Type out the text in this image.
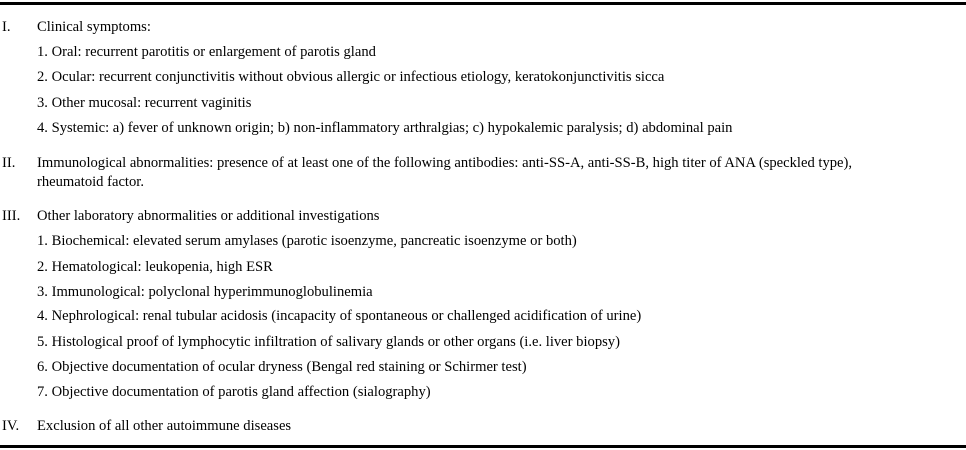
I. Clinical symptoms:
1. Oral: recurrent parotitis or enlargement of parotis gland
2. Ocular: recurrent conjunctivitis without obvious allergic or infectious etiology, keratokonjunctivitis sicca
3. Other mucosal: recurrent vaginitis
4. Systemic: a) fever of unknown origin; b) non-inflammatory arthralgias; c) hypokalemic paralysis; d) abdominal pain
II. Immunological abnormalities: presence of at least one of the following antibodies: anti-SS-A, anti-SS-B, high titer of ANA (speckled type),
rheumatoid factor.
III. Other laboratory abnormalities or additional investigations
1. Biochemical: elevated serum amylases (parotic isoenzyme, pancreatic isoenzyme or both)
2. Hematological: leukopenia, high ESR
3. Immunological: polyclonal hyperimmunoglobulinemia
4. Nephrological: renal tubular acidosis (incapacity of spontaneous or challenged acidification of urine)
5. Histological proof of lymphocytic infiltration of salivary glands or other organs (i.e. liver biopsy)
6. Objective documentation of ocular dryness (Bengal red staining or Schirmer test)
7. Objective documentation of parotis gland affection (sialography)
IV. Exclusion of all other autoimmune diseases
